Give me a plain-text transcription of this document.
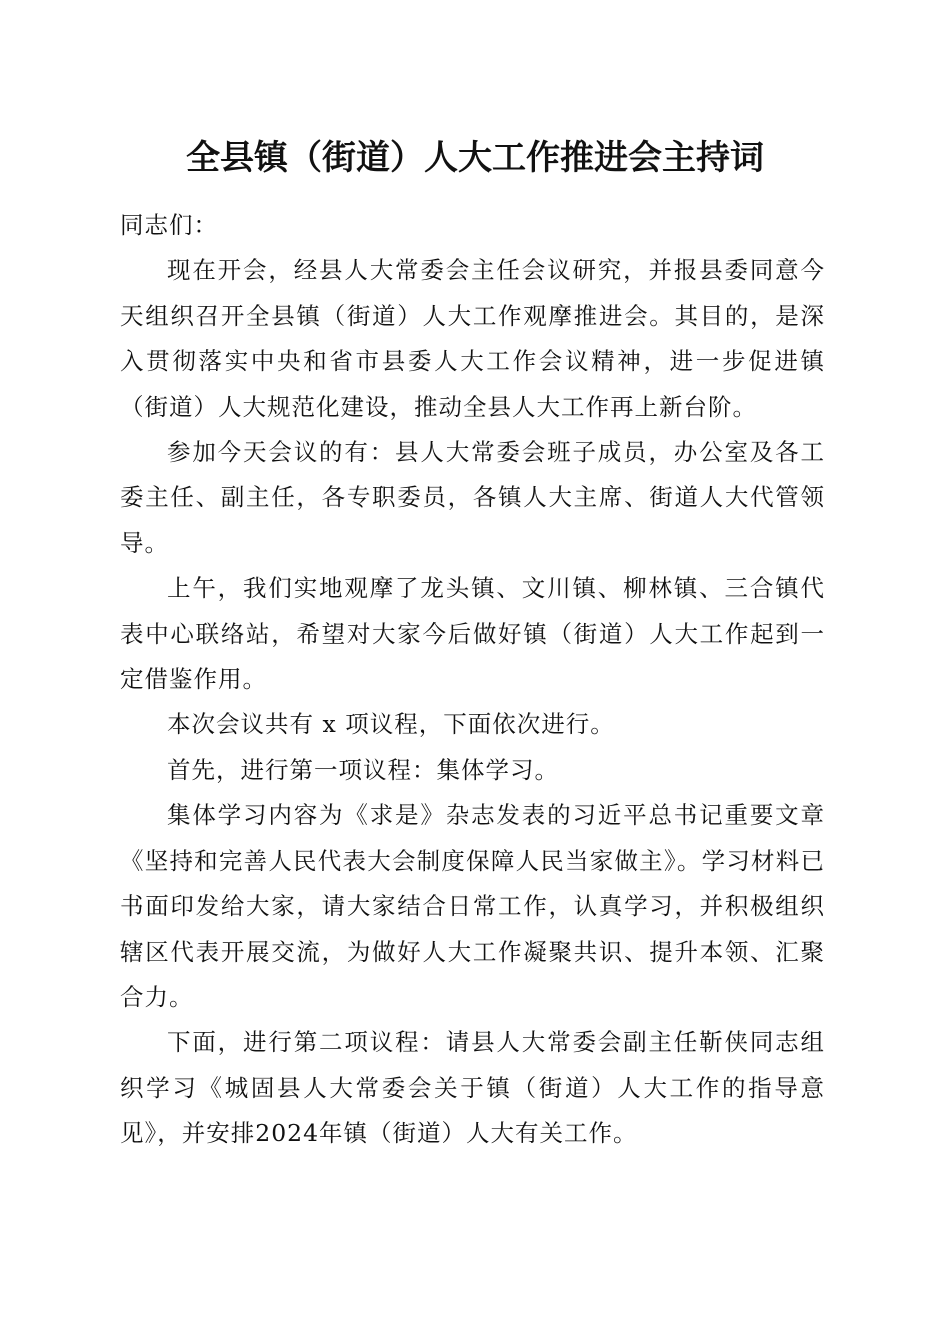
全县镇（街道）人大工作推进会主持词

同志们：

现在开会，经县人大常委会主任会议研究，并报县委同意今天组织召开全县镇（街道）人大工作观摩推进会。其目的，是深入贯彻落实中央和省市县委人大工作会议精神，进一步促进镇（街道）人大规范化建设，推动全县人大工作再上新台阶。

参加今天会议的有：县人大常委会班子成员，办公室及各工委主任、副主任，各专职委员，各镇人大主席、街道人大代管领导。

上午，我们实地观摩了龙头镇、文川镇、柳林镇、三合镇代表中心联络站，希望对大家今后做好镇（街道）人大工作起到一定借鉴作用。

本次会议共有 x 项议程，下面依次进行。

首先，进行第一项议程：集体学习。

集体学习内容为《求是》杂志发表的习近平总书记重要文章《坚持和完善人民代表大会制度保障人民当家做主》。学习材料已书面印发给大家，请大家结合日常工作，认真学习，并积极组织辖区代表开展交流，为做好人大工作凝聚共识、提升本领、汇聚合力。

下面，进行第二项议程：请县人大常委会副主任靳侠同志组织学习《城固县人大常委会关于镇（街道）人大工作的指导意见》，并安排2024年镇（街道）人大有关工作。
